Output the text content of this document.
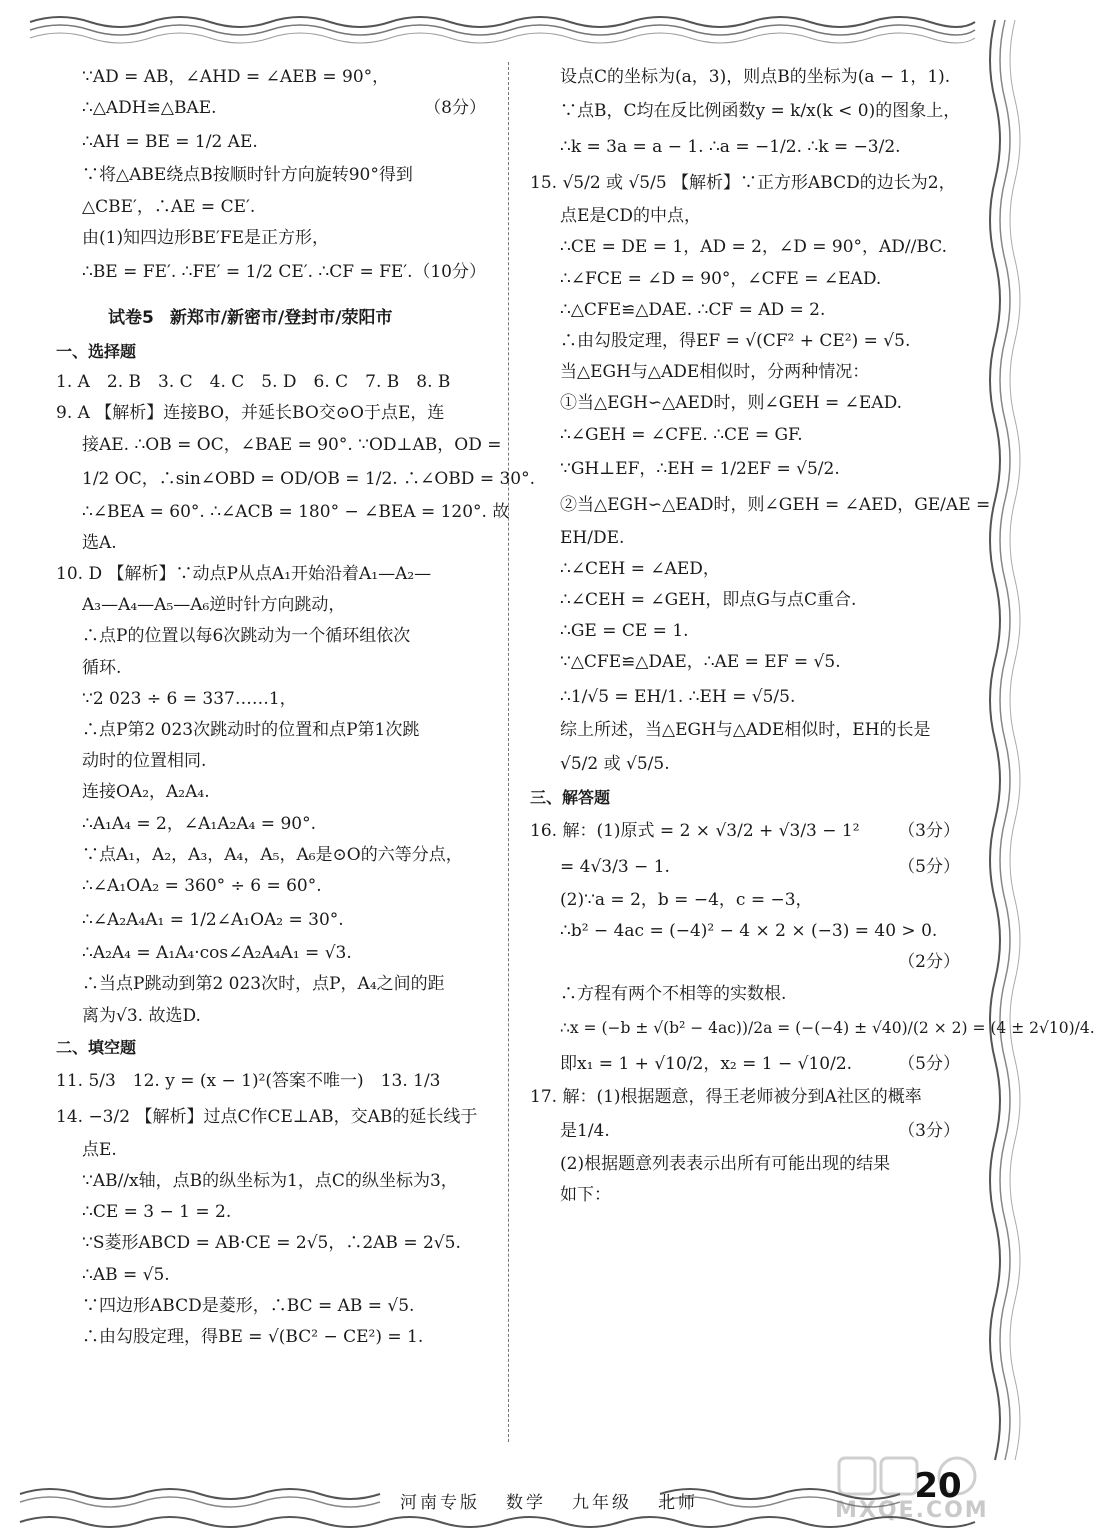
∵AD = AB，∠AHD = ∠AEB = 90°，
∴△ADH≌△BAE.	（8分）
∴AH = BE = 1/2 AE.
∵将△ABE绕点B按顺时针方向旋转90°得到
△CBE′，∴AE = CE′.
由(1)知四边形BE′FE是正方形，
∴BE = FE′. ∴FE′ = 1/2 CE′. ∴CF = FE′. （10分）
试卷5 新郑市/新密市/登封市/荥阳市
一、选择题
1. A　2. B　3. C　4. C　5. D　6. C　7. B　8. B
9. A 【解析】连接BO，并延长BO交⊙O于点E，连
接AE. ∴OB = OC，∠BAE = 90°. ∵OD⊥AB，OD =
1/2 OC，∴sin∠OBD = OD/OB = 1/2. ∴∠OBD = 30°.
∴∠BEA = 60°. ∴∠ACB = 180° − ∠BEA = 120°. 故
选A.
10. D 【解析】∵动点P从点A₁开始沿着A₁—A₂—
A₃—A₄—A₅—A₆逆时针方向跳动，
∴点P的位置以每6次跳动为一个循环组依次
循环.
∵2 023 ÷ 6 = 337……1，
∴点P第2 023次跳动时的位置和点P第1次跳
动时的位置相同.
连接OA₂，A₂A₄.
∴A₁A₄ = 2，∠A₁A₂A₄ = 90°.
∵点A₁，A₂，A₃，A₄，A₅，A₆是⊙O的六等分点，
∴∠A₁OA₂ = 360° ÷ 6 = 60°.
∴∠A₂A₄A₁ = 1/2∠A₁OA₂ = 30°.
∴A₂A₄ = A₁A₄·cos∠A₂A₄A₁ = √3.
∴当点P跳动到第2 023次时，点P，A₄之间的距
离为√3. 故选D.
二、填空题
11. 5/3　12. y = (x − 1)²(答案不唯一)　13. 1/3
14. −3/2 【解析】过点C作CE⊥AB，交AB的延长线于
点E.
∵AB//x轴，点B的纵坐标为1，点C的纵坐标为3，
∴CE = 3 − 1 = 2.
∵S菱形ABCD = AB·CE = 2√5，∴2AB = 2√5.
∴AB = √5.
∵四边形ABCD是菱形，∴BC = AB = √5.
∴由勾股定理，得BE = √(BC² − CE²) = 1.
设点C的坐标为(a，3)，则点B的坐标为(a − 1，1).
∵点B，C均在反比例函数y = k/x(k < 0)的图象上，
∴k = 3a = a − 1. ∴a = −1/2. ∴k = −3/2.
15. √5/2 或 √5/5 【解析】∵正方形ABCD的边长为2，
点E是CD的中点，
∴CE = DE = 1，AD = 2，∠D = 90°，AD//BC.
∴∠FCE = ∠D = 90°，∠CFE = ∠EAD.
∴△CFE≌△DAE. ∴CF = AD = 2.
∴由勾股定理，得EF = √(CF² + CE²) = √5.
当△EGH与△ADE相似时，分两种情况：
①当△EGH∽△AED时，则∠GEH = ∠EAD.
∴∠GEH = ∠CFE. ∴CE = GF.
∵GH⊥EF，∴EH = 1/2EF = √5/2.
②当△EGH∽△EAD时，则∠GEH = ∠AED，GE/AE =
EH/DE.
∴∠CEH = ∠AED，
∴∠CEH = ∠GEH，即点G与点C重合.
∴GE = CE = 1.
∵△CFE≌△DAE，∴AE = EF = √5.
∴1/√5 = EH/1. ∴EH = √5/5.
综上所述，当△EGH与△ADE相似时，EH的长是
√5/2 或 √5/5.
三、解答题
16. 解：(1)原式 = 2 × √3/2 + √3/3 − 1² （3分）
= 4√3/3 − 1.	（5分）
(2)∵a = 2，b = −4，c = −3，
∴b² − 4ac = (−4)² − 4 × 2 × (−3) = 40 > 0.
（2分）
∴方程有两个不相等的实数根.
∴x = (−b ± √(b² − 4ac))/2a = (−(−4) ± √40)/(2 × 2) = (4 ± 2√10)/4.
即x₁ = 1 + √10/2，x₂ = 1 − √10/2.	（5分）
17. 解：(1)根据题意，得王老师被分到A社区的概率
是1/4.	（3分）
(2)根据题意列表表示出所有可能出现的结果
如下：
河南专版 数学 九年级 北师	MXQE.COM
20
